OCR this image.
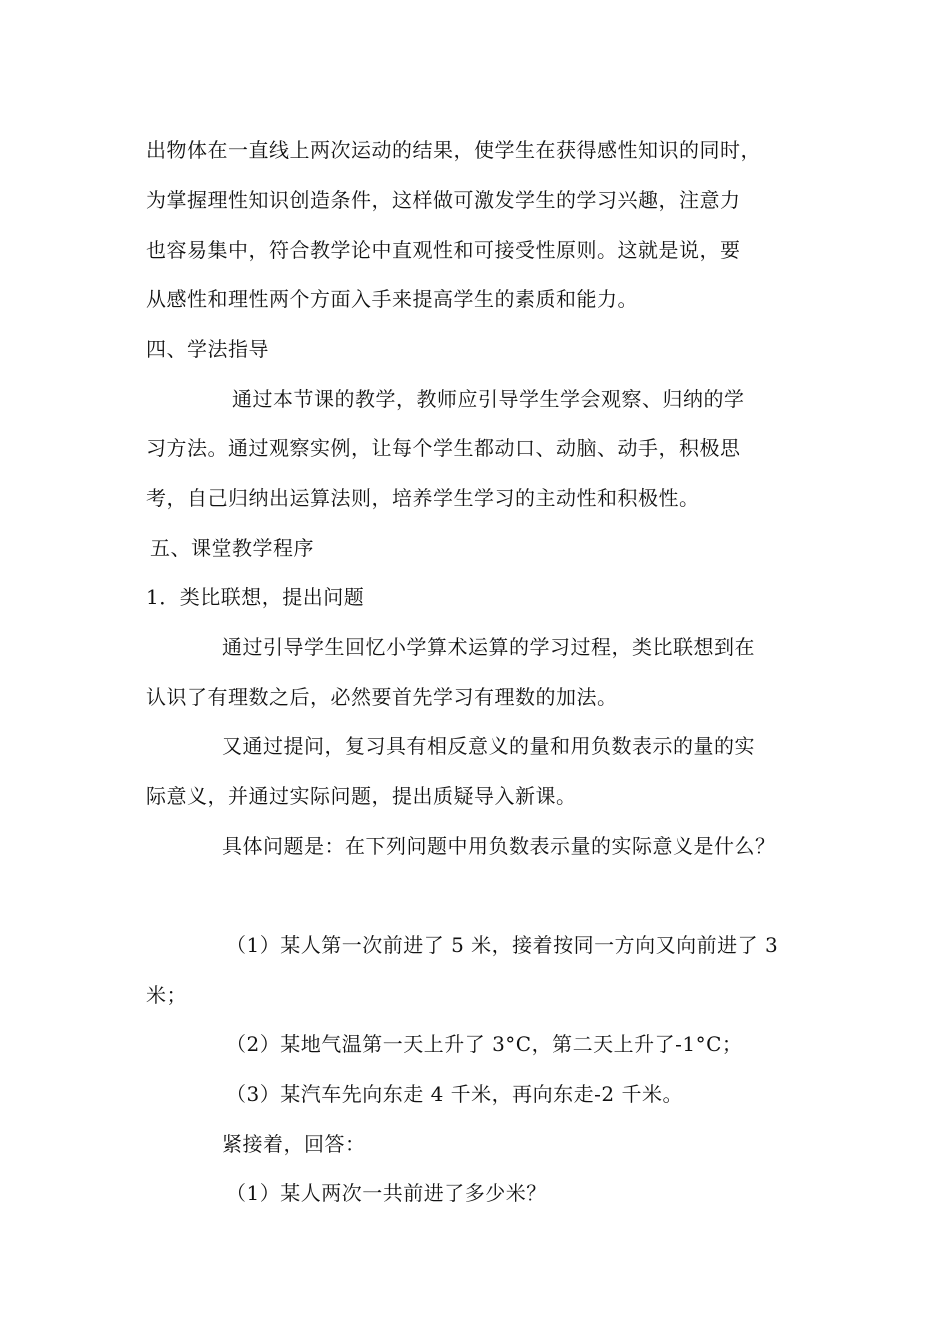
出物体在一直线上两次运动的结果，使学生在获得感性知识的同时，
为掌握理性知识创造条件，这样做可激发学生的学习兴趣，注意力
也容易集中，符合教学论中直观性和可接受性原则。这就是说，要
从感性和理性两个方面入手来提高学生的素质和能力。
四、学法指导
通过本节课的教学，教师应引导学生学会观察、归纳的学
习方法。通过观察实例，让每个学生都动口、动脑、动手，积极思
考，自己归纳出运算法则，培养学生学习的主动性和积极性。
五、课堂教学程序
1．类比联想，提出问题
通过引导学生回忆小学算术运算的学习过程，类比联想到在
认识了有理数之后，必然要首先学习有理数的加法。
又通过提问，复习具有相反意义的量和用负数表示的量的实
际意义，并通过实际问题，提出质疑导入新课。
具体问题是：在下列问题中用负数表示量的实际意义是什么？
（1）某人第一次前进了 5 米，接着按同一方向又向前进了 3
米；
（2）某地气温第一天上升了 3°C，第二天上升了-1°C；
（3）某汽车先向东走 4 千米，再向东走-2 千米。
紧接着，回答：
（1）某人两次一共前进了多少米？
